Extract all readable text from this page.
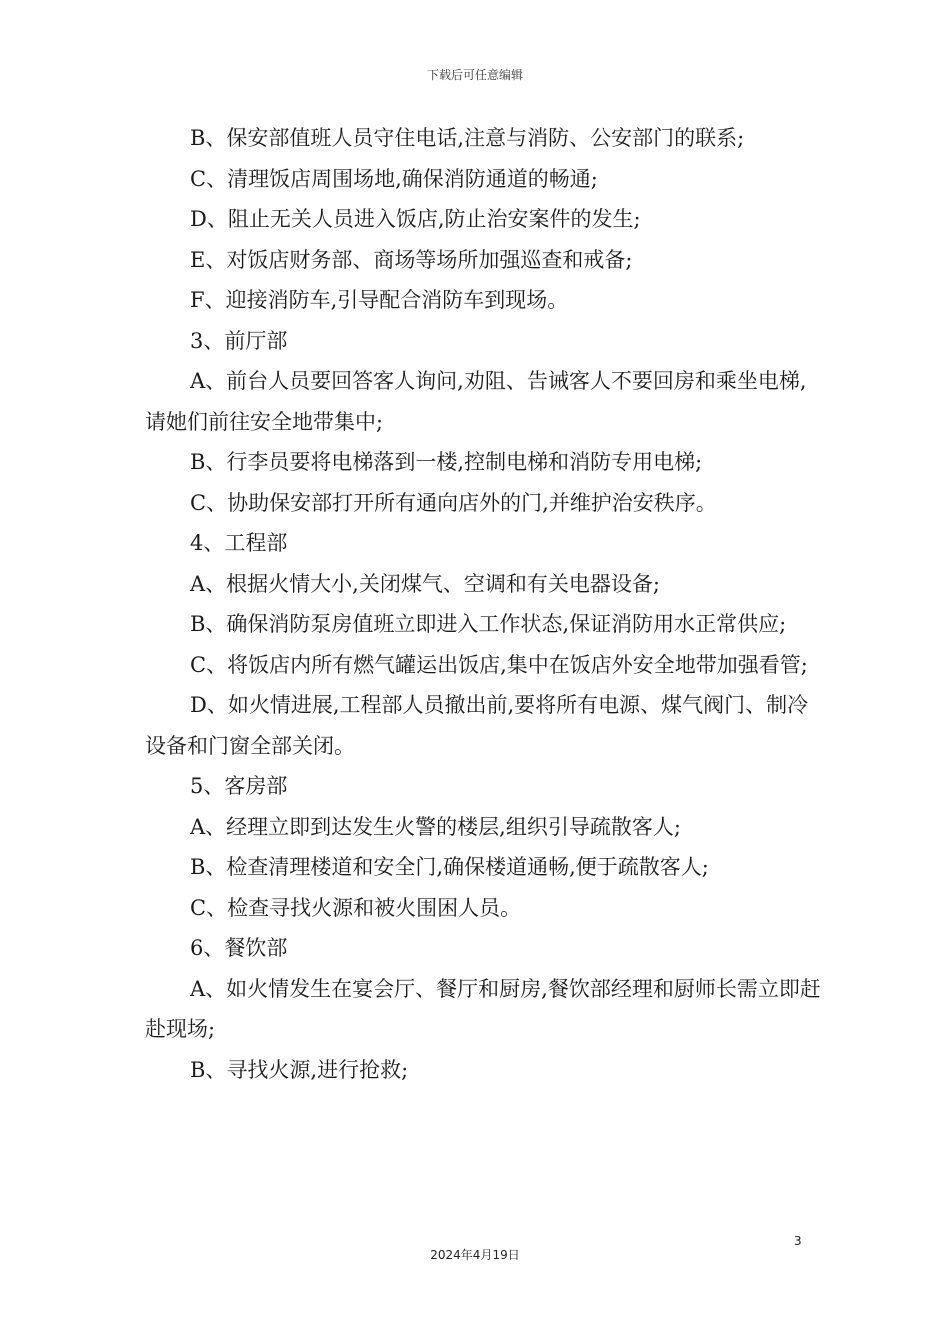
下载后可任意编辑
B、保安部值班人员守住电话,注意与消防、公安部门的联系;
C、清理饭店周围场地,确保消防通道的畅通;
D、阻止无关人员进入饭店,防止治安案件的发生;
E、对饭店财务部、商场等场所加强巡查和戒备;
F、迎接消防车,引导配合消防车到现场。
3、前厅部
A、前台人员要回答客人询问,劝阻、告诫客人不要回房和乘坐电梯,请她们前往安全地带集中;
B、行李员要将电梯落到一楼,控制电梯和消防专用电梯;
C、协助保安部打开所有通向店外的门,并维护治安秩序。
4、工程部
A、根据火情大小,关闭煤气、空调和有关电器设备;
B、确保消防泵房值班立即进入工作状态,保证消防用水正常供应;
C、将饭店内所有燃气罐运出饭店,集中在饭店外安全地带加强看管;
D、如火情进展,工程部人员撤出前,要将所有电源、煤气阀门、制冷设备和门窗全部关闭。
5、客房部
A、经理立即到达发生火警的楼层,组织引导疏散客人;
B、检查清理楼道和安全门,确保楼道通畅,便于疏散客人;
C、检查寻找火源和被火围困人员。
6、餐饮部
A、如火情发生在宴会厅、餐厅和厨房,餐饮部经理和厨师长需立即赶赴现场;
B、寻找火源,进行抢救;
3
2024年4月19日
